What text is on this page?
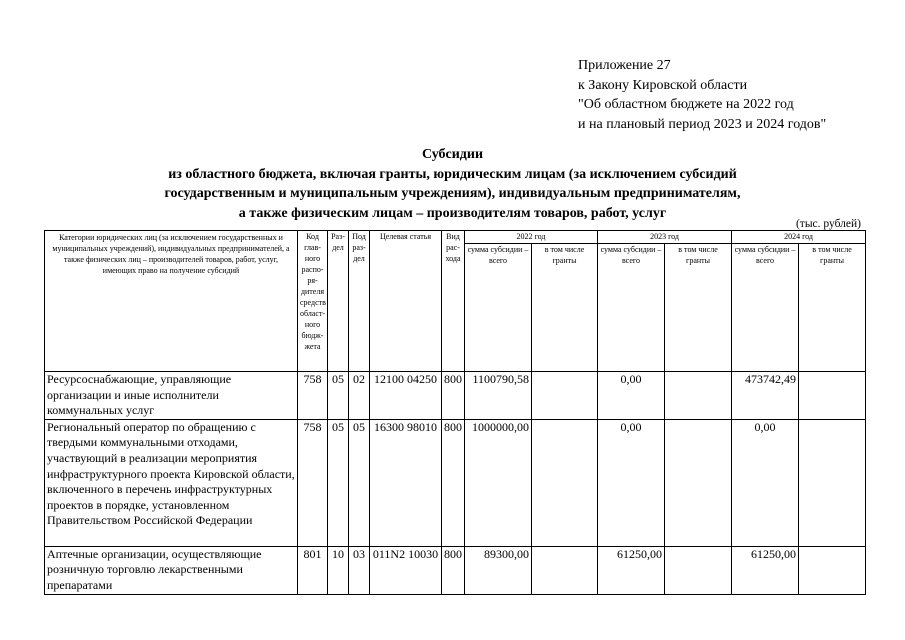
Приложение 27
к Закону Кировской области
"Об областном бюджете на 2022 год
и на плановый период 2023 и 2024 годов"
Субсидии
из областного бюджета, включая гранты, юридическим лицам (за исключением субсидий
государственным и муниципальным учреждениям), индивидуальным предпринимателям,
а также физическим лицам – производителям товаров, работ, услуг
(тыс. рублей)
Категории юридических лиц (за исключением государственных и муниципальных учреждений), индивидуальных предпринимателей, а также физических лиц – производителей товаров, работ, услуг, имеющих право на получение субсидий	Код глав-ного распо-ря-дителя средств област-ного бюдж-жета	Раз-дел	Под раз-дел	Целевая статья	Вид рас-хода	2022 год		2023 год		2024 год	
						сумма субсидии – всего	в том числе гранты	сумма субсидии – всего	в том числе гранты	сумма субсидии – всего	в том числе гранты
Ресурсоснабжающие, управляющие организации и иные исполнители коммунальных услуг	758	05	02	12100 04250	800	1100790,58		0,00		473742,49	
Региональный оператор по обращению с твердыми коммунальными отходами, участвующий в реализации мероприятия инфраструктурного проекта Кировской области, включенного в перечень инфраструктурных проектов в порядке, установленном Правительством Российской Федерации	758	05	05	16300 98010	800	1000000,00		0,00		0,00	
Аптечные организации, осуществляющие розничную торговлю лекарственными препаратами	801	10	03	011N2 10030	800	89300,00		61250,00		61250,00	
